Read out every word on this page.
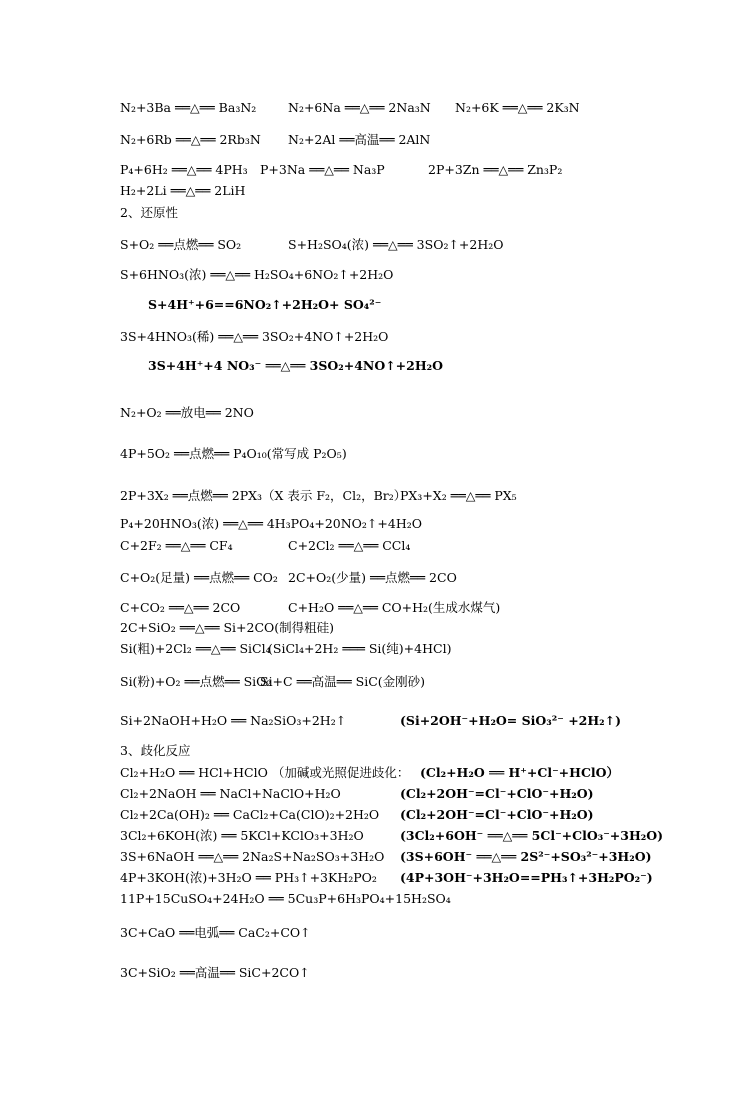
N₂+3Ba ══△══ Ba₃N₂	N₂+6Na ══△══ 2Na₃N N₂+6K ══△══ 2K₃N
N₂+6Rb ══△══ 2Rb₃N N₂+2Al ══高温══ 2AlN
P₄+6H₂ ══△══ 4PH₃ P+3Na ══△══ Na₃P	2P+3Zn ══△══ Zn₃P₂
H₂+2Li ══△══ 2LiH
2、还原性
S+O₂ ══点燃══ SO₂	S+H₂SO₄(浓) ══△══ 3SO₂↑+2H₂O
S+6HNO₃(浓) ══△══ H₂SO₄+6NO₂↑+2H₂O
S+4H⁺+6==6NO₂↑+2H₂O+ SO₄²⁻
3S+4HNO₃(稀) ══△══ 3SO₂+4NO↑+2H₂O
3S+4H⁺+4 NO₃⁻ ══△══ 3SO₂+4NO↑+2H₂O
N₂+O₂ ══放电══ 2NO
4P+5O₂ ══点燃══ P₄O₁₀(常写成 P₂O₅)
2P+3X₂ ══点燃══ 2PX₃（X 表示 F₂，Cl₂，Br₂）
PX₃+X₂ ══△══ PX₅
P₄+20HNO₃(浓) ══△══ 4H₃PO₄+20NO₂↑+4H₂O
C+2F₂ ══△══ CF₄	C+2Cl₂ ══△══ CCl₄
C+O₂(足量) ══点燃══ CO₂ 2C+O₂(少量) ══点燃══ 2CO
C+CO₂ ══△══ 2CO	C+H₂O ══△══ CO+H₂(生成水煤气)
2C+SiO₂ ══△══ Si+2CO(制得粗硅)
Si(粗)+2Cl₂ ══△══ SiCl₄
(SiCl₄+2H₂ ═══ Si(纯)+4HCl)
Si(粉)+O₂ ══点燃══ SiO₂
Si+C ══高温══ SiC(金刚砂)
Si+2NaOH+H₂O ══ Na₂SiO₃+2H₂↑	(Si+2OH⁻+H₂O= SiO₃²⁻ +2H₂↑)
3、歧化反应
Cl₂+H₂O ══ HCl+HClO （加碱或光照促进歧化： (Cl₂+H₂O ══ H⁺+Cl⁻+HClO）
Cl₂+2NaOH ══ NaCl+NaClO+H₂O	(Cl₂+2OH⁻=Cl⁻+ClO⁻+H₂O)
Cl₂+2Ca(OH)₂ ══ CaCl₂+Ca(ClO)₂+2H₂O (Cl₂+2OH⁻=Cl⁻+ClO⁻+H₂O)
3Cl₂+6KOH(浓) ══ 5KCl+KClO₃+3H₂O	(3Cl₂+6OH⁻ ══△══ 5Cl⁻+ClO₃⁻+3H₂O)
3S+6NaOH ══△══ 2Na₂S+Na₂SO₃+3H₂O (3S+6OH⁻ ══△══ 2S²⁻+SO₃²⁻+3H₂O)
4P+3KOH(浓)+3H₂O ══ PH₃↑+3KH₂PO₂ (4P+3OH⁻+3H₂O==PH₃↑+3H₂PO₂⁻)
11P+15CuSO₄+24H₂O ══ 5Cu₃P+6H₃PO₄+15H₂SO₄
3C+CaO ══电弧══ CaC₂+CO↑
3C+SiO₂ ══高温══ SiC+2CO↑
